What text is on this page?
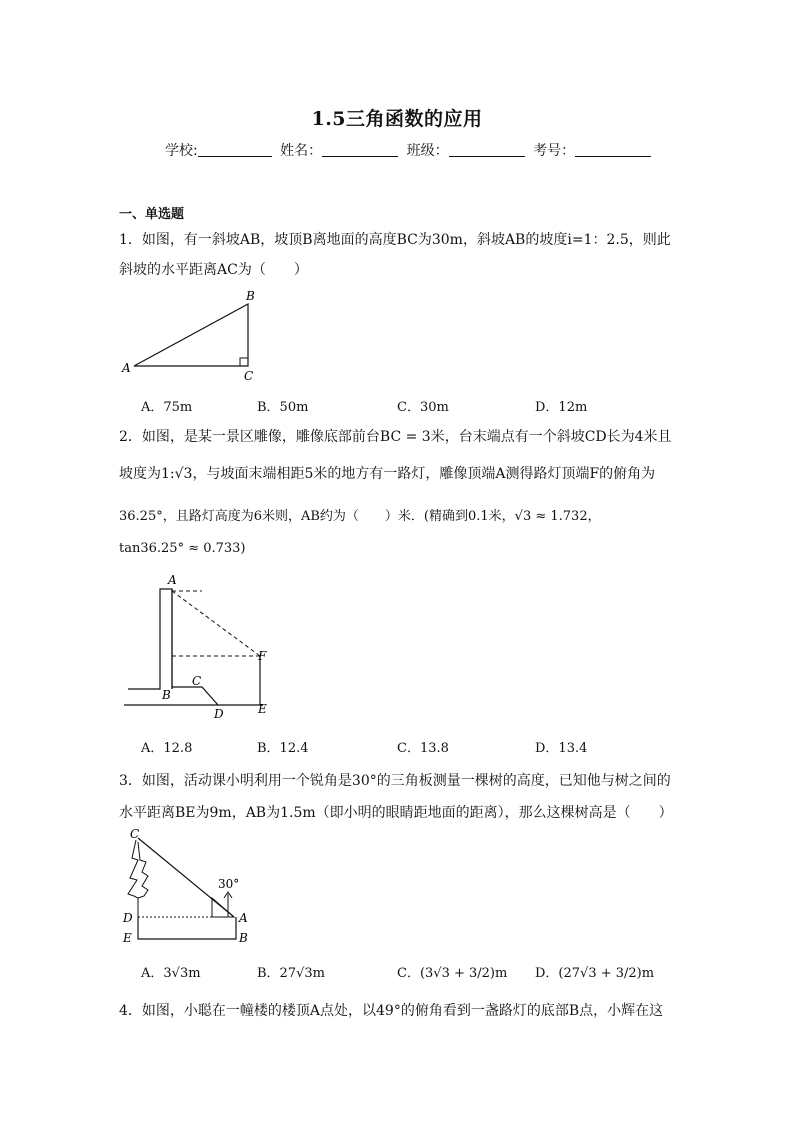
1.5三角函数的应用
学校:	姓名：	班级：	考号：
一、单选题
1．如图，有一斜坡AB，坡顶B离地面的高度BC为30m，斜坡AB的坡度i=1：2.5，则此
斜坡的水平距离AC为（　　）
A
B
C
A．75m	B．50m	C．30m	D．12m
2．如图，是某一景区雕像，雕像底部前台BC = 3米，台末端点有一个斜坡CD长为4米且
坡度为1:√3，与坡面末端相距5米的地方有一路灯，雕像顶端A测得路灯顶端F的俯角为
36.25°，且路灯高度为6米则，AB约为（　　）米．(精确到0.1米，√3 ≈ 1.732，
tan36.25° ≈ 0.733)
A
B
C
D	E
F
A．12.8	B．12.4	C．13.8	D．13.4
3．如图，活动课小明利用一个锐角是30°的三角板测量一棵树的高度，已知他与树之间的
水平距离BE为9m，AB为1.5m（即小明的眼睛距地面的距离），那么这棵树高是（　　）
C
D
E
A
B
30°
A．3√3m	B．27√3m	C．(3√3 + 3/2)m D．(27√3 + 3/2)m
4．如图，小聪在一幢楼的楼顶A点处，以49°的俯角看到一盏路灯的底部B点，小辉在这
